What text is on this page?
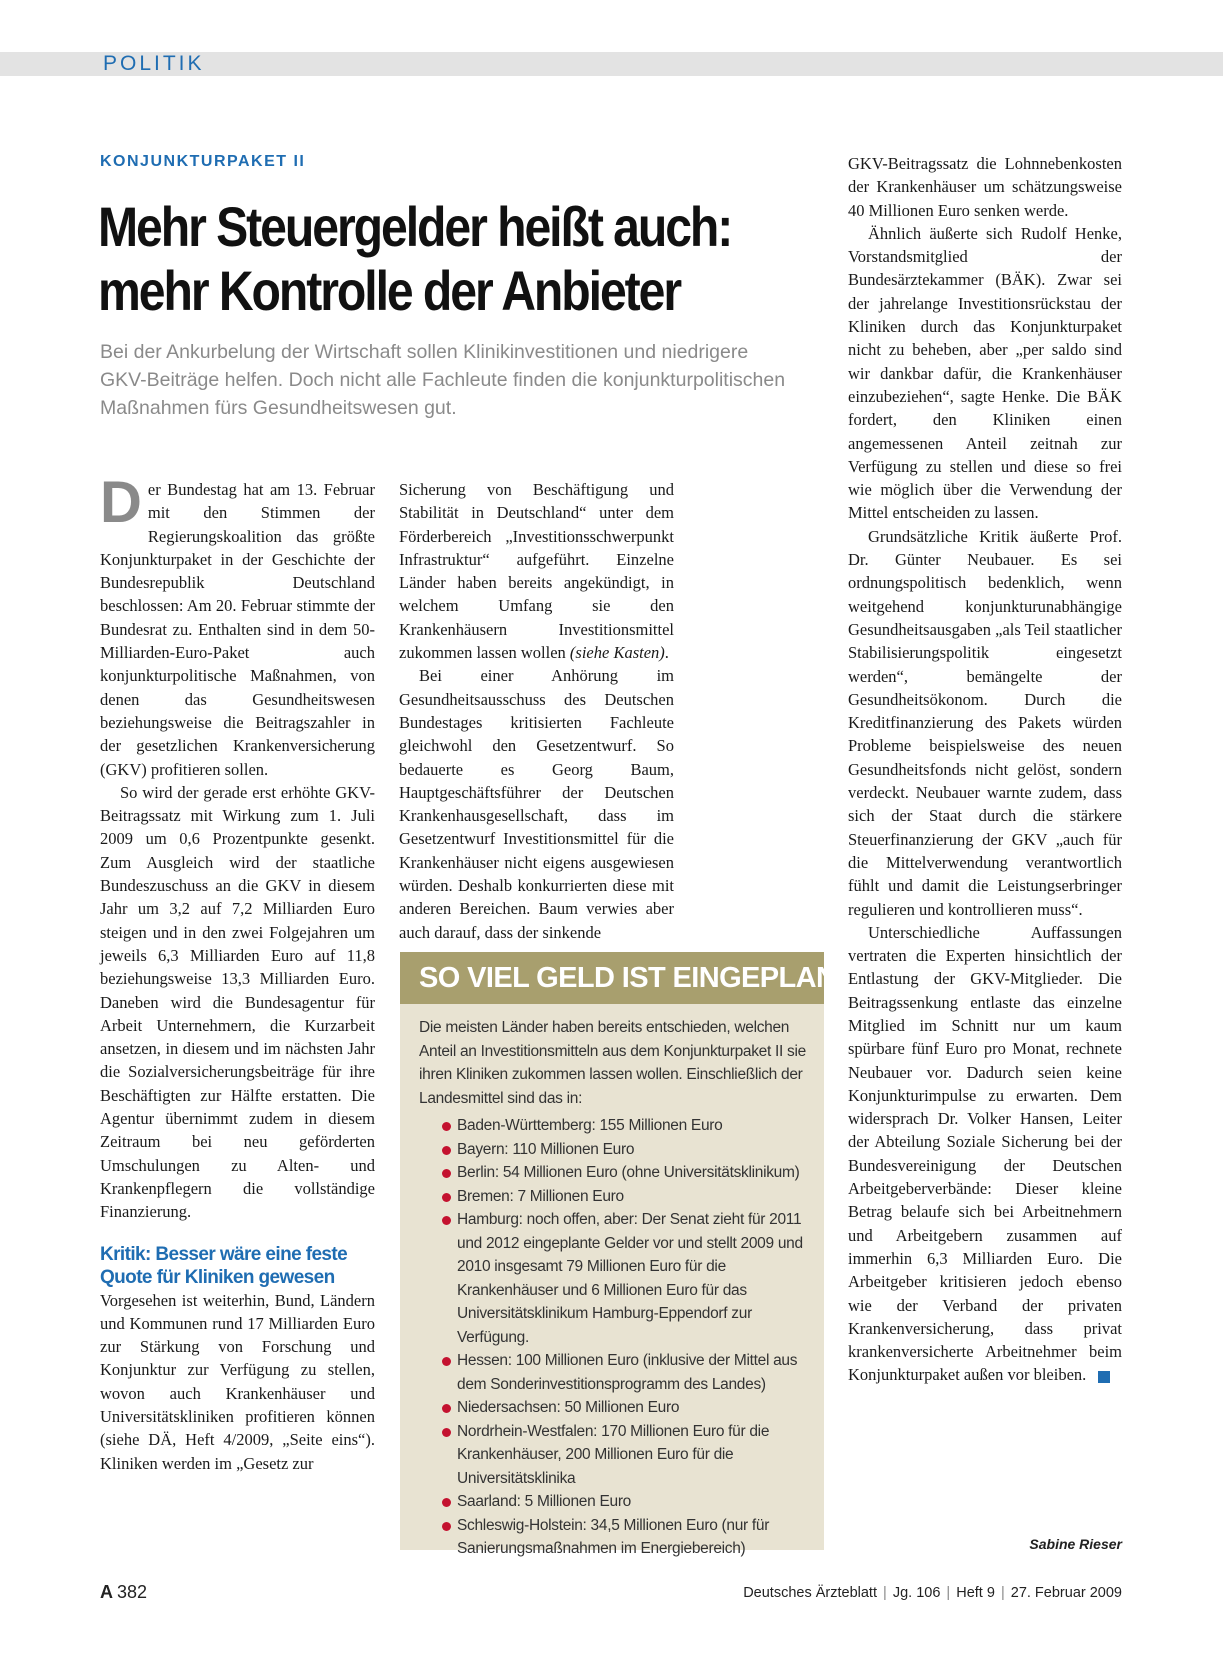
POLITIK
KONJUNKTURPAKET II
Mehr Steuergelder heißt auch:
mehr Kontrolle der Anbieter
Bei der Ankurbelung der Wirtschaft sollen Klinikinvestitionen und niedrigere GKV-Beiträge helfen. Doch nicht alle Fachleute finden die konjunkturpolitischen Maßnahmen fürs Gesundheitswesen gut.

Der Bundestag hat am 13. Februar mit den Stimmen der Regierungskoalition das größte Konjunkturpaket in der Geschichte der Bundesrepublik Deutschland beschlossen: Am 20. Februar stimmte der Bundesrat zu. Enthalten sind in dem 50-Milliarden-Euro-Paket auch konjunkturpolitische Maßnahmen, von denen das Gesundheitswesen beziehungsweise die Beitragszahler in der gesetzlichen Krankenversicherung (GKV) profitieren sollen.

So wird der gerade erst erhöhte GKV-Beitragssatz mit Wirkung zum 1. Juli 2009 um 0,6 Prozentpunkte gesenkt. Zum Ausgleich wird der staatliche Bundeszuschuss an die GKV in diesem Jahr um 3,2 auf 7,2 Milliarden Euro steigen und in den zwei Folgejahren um jeweils 6,3 Milliarden Euro auf 11,8 beziehungsweise 13,3 Milliarden Euro. Daneben wird die Bundesagentur für Arbeit Unternehmern, die Kurzarbeit ansetzen, in diesem und im nächsten Jahr die Sozialversicherungsbeiträge für ihre Beschäftigten zur Hälfte erstatten. Die Agentur übernimmt zudem in diesem Zeitraum bei neu geförderten Umschulungen zu Alten- und Krankenpflegern die vollständige Finanzierung.

Kritik: Besser wäre eine feste Quote für Kliniken gewesen

Vorgesehen ist weiterhin, Bund, Ländern und Kommunen rund 17 Milliarden Euro zur Stärkung von Forschung und Konjunktur zur Verfügung zu stellen, wovon auch Krankenhäuser und Universitätskliniken profitieren können (siehe DÄ, Heft 4/2009, „Seite eins“). Kliniken werden im „Gesetz zur

Sicherung von Beschäftigung und Stabilität in Deutschland“ unter dem Förderbereich „Investitionsschwerpunkt Infrastruktur“ aufgeführt. Einzelne Länder haben bereits angekündigt, in welchem Umfang sie den Krankenhäusern Investitionsmittel zukommen lassen wollen (siehe Kasten).

Bei einer Anhörung im Gesundheitsausschuss des Deutschen Bundestages kritisierten Fachleute gleichwohl den Gesetzentwurf. So bedauerte es Georg Baum, Hauptgeschäftsführer der Deutschen Krankenhausgesellschaft, dass im Gesetzentwurf Investitionsmittel für die Krankenhäuser nicht eigens ausgewiesen würden. Deshalb konkurrierten diese mit anderen Bereichen. Baum verwies aber auch darauf, dass der sinkende

GKV-Beitragssatz die Lohnnebenkosten der Krankenhäuser um schätzungsweise 40 Millionen Euro senken werde.

Ähnlich äußerte sich Rudolf Henke, Vorstandsmitglied der Bundesärztekammer (BÄK). Zwar sei der jahrelange Investitionsrückstau der Kliniken durch das Konjunkturpaket nicht zu beheben, aber „per saldo sind wir dankbar dafür, die Krankenhäuser einzubeziehen“, sagte Henke. Die BÄK fordert, den Kliniken einen angemessenen Anteil zeitnah zur Verfügung zu stellen und diese so frei wie möglich über die Verwendung der Mittel entscheiden zu lassen.

Grundsätzliche Kritik äußerte Prof. Dr. Günter Neubauer. Es sei ordnungspolitisch bedenklich, wenn weitgehend konjunkturunabhängige Gesundheitsausgaben „als Teil staatlicher Stabilisierungspolitik eingesetzt werden“, bemängelte der Gesundheitsökonom. Durch die Kreditfinanzierung des Pakets würden Probleme beispielsweise des neuen Gesundheitsfonds nicht gelöst, sondern verdeckt. Neubauer warnte zudem, dass sich der Staat durch die stärkere Steuerfinanzierung der GKV „auch für die Mittelverwendung verantwortlich fühlt und damit die Leistungserbringer regulieren und kontrollieren muss“.

Unterschiedliche Auffassungen vertraten die Experten hinsichtlich der Entlastung der GKV-Mitglieder. Die Beitragssenkung entlaste das einzelne Mitglied im Schnitt nur um kaum spürbare fünf Euro pro Monat, rechnete Neubauer vor. Dadurch seien keine Konjunkturimpulse zu erwarten. Dem widersprach Dr. Volker Hansen, Leiter der Abteilung Soziale Sicherung bei der Bundesvereinigung der Deutschen Arbeitgeberverbände: Dieser kleine Betrag belaufe sich bei Arbeitnehmern und Arbeitgebern zusammen auf immerhin 6,3 Milliarden Euro. Die Arbeitgeber kritisieren jedoch ebenso wie der Verband der privaten Krankenversicherung, dass privat krankenversicherte Arbeitnehmer beim Konjunkturpaket außen vor bleiben.

SO VIEL GELD IST EINGEPLANT

Die meisten Länder haben bereits entschieden, welchen Anteil an Investitionsmitteln aus dem Konjunkturpaket II sie ihren Kliniken zukommen lassen wollen. Einschließlich der Landesmittel sind das in:

Baden-Württemberg: 155 Millionen Euro
Bayern: 110 Millionen Euro
Berlin: 54 Millionen Euro (ohne Universitätsklinikum)
Bremen: 7 Millionen Euro
Hamburg: noch offen, aber: Der Senat zieht für 2011 und 2012 eingeplante Gelder vor und stellt 2009 und 2010 insgesamt 79 Millionen Euro für die Krankenhäuser und 6 Millionen Euro für das Universitätsklinikum Hamburg-Eppendorf zur Verfügung.
Hessen: 100 Millionen Euro (inklusive der Mittel aus dem Sonderinvestitionsprogramm des Landes)
Niedersachsen: 50 Millionen Euro
Nordrhein-Westfalen: 170 Millionen Euro für die Krankenhäuser, 200 Millionen Euro für die Universitätsklinika
Saarland: 5 Millionen Euro
Schleswig-Holstein: 34,5 Millionen Euro (nur für Sanierungsmaßnahmen im Energiebereich)	Sabine Rieser
A 382	Deutsches Ärzteblatt | Jg. 106 | Heft 9 | 27. Februar 2009
